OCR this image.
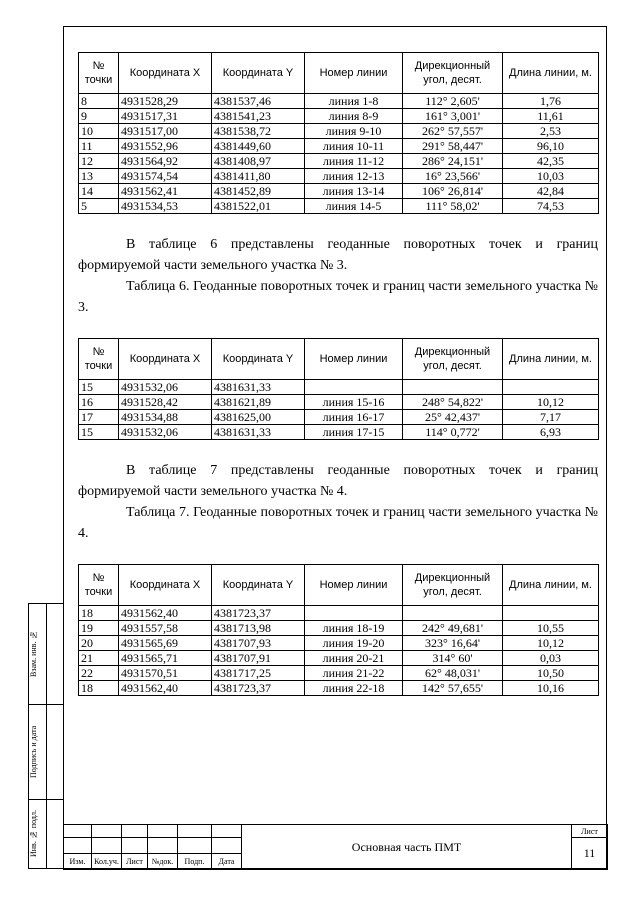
№ точки	Координата X	Координата Y	Номер линии	Дирекционный угол, десят.	Длина линии, м.
8	4931528,29	4381537,46	линия 1-8	112° 2,605'	1,76
9	4931517,31	4381541,23	линия 8-9	161° 3,001'	11,61
10	4931517,00	4381538,72	линия 9-10	262° 57,557'	2,53
11	4931552,96	4381449,60	линия 10-11	291° 58,447'	96,10
12	4931564,92	4381408,97	линия 11-12	286° 24,151'	42,35
13	4931574,54	4381411,80	линия 12-13	16° 23,566'	10,03
14	4931562,41	4381452,89	линия 13-14	106° 26,814'	42,84
5	4931534,53	4381522,01	линия 14-5	111° 58,02'	74,53

В таблице 6 представлены геоданные поворотных точек и границ формируемой части земельного участка № 3.

Таблица 6. Геоданные поворотных точек и границ части земельного участка № 3.

№ точки	Координата X	Координата Y	Номер линии	Дирекционный угол, десят.	Длина линии, м.
15	4931532,06	4381631,33			
16	4931528,42	4381621,89	линия 15-16	248° 54,822'	10,12
17	4931534,88	4381625,00	линия 16-17	25° 42,437'	7,17
15	4931532,06	4381631,33	линия 17-15	114° 0,772'	6,93

В таблице 7 представлены геоданные поворотных точек и границ формируемой части земельного участка № 4.

Таблица 7. Геоданные поворотных точек и границ части земельного участка № 4.

№ точки	Координата X	Координата Y	Номер линии	Дирекционный угол, десят.	Длина линии, м.
18	4931562,40	4381723,37			
19	4931557,58	4381713,98	линия 18-19	242° 49,681'	10,55
20	4931565,69	4381707,93	линия 19-20	323° 16,64'	10,12
21	4931565,71	4381707,91	линия 20-21	314° 60'	0,03
22	4931570,51	4381717,25	линия 21-22	62° 48,031'	10,50
18	4931562,40	4381723,37	линия 22-18	142° 57,655'	10,16
Взам. инв. №
Подпись и дата
Инв. № подл.
							Основная часть ПМТ	Лист
							11
Изм.	Кол.уч.	Лист	№док.	Подп.	Дата		
